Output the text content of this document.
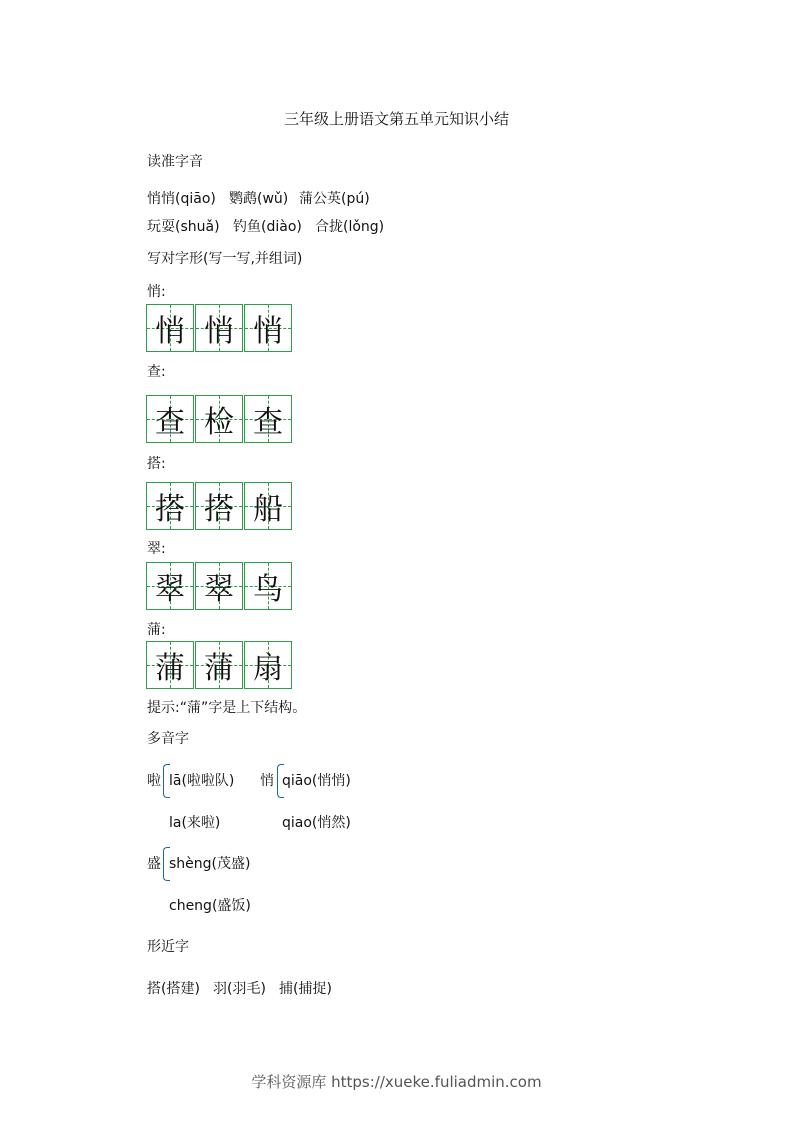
三年级上册语文第五单元知识小结
读准字音
悄悄(qiāo) 鹦鹉(wǔ) 蒲公英(pú)
玩耍(shuǎ) 钓鱼(diào) 合拢(lǒng)
写对字形(写一写,并组词)
悄:
悄 悄 悄
查:
查 检 查
搭:
搭 搭 船
翠:
翠 翠 鸟
蒲:
蒲 蒲 扇
提示:“蒲”字是上下结构。
多音字
啦 lā(啦啦队)
la(来啦)
悄 qiāo(悄悄)
qiao(悄然)
盛 shèng(茂盛)
cheng(盛饭)
形近字
搭(搭建) 羽(羽毛) 捕(捕捉)
学科资源库 https://xueke.fuliadmin.com
